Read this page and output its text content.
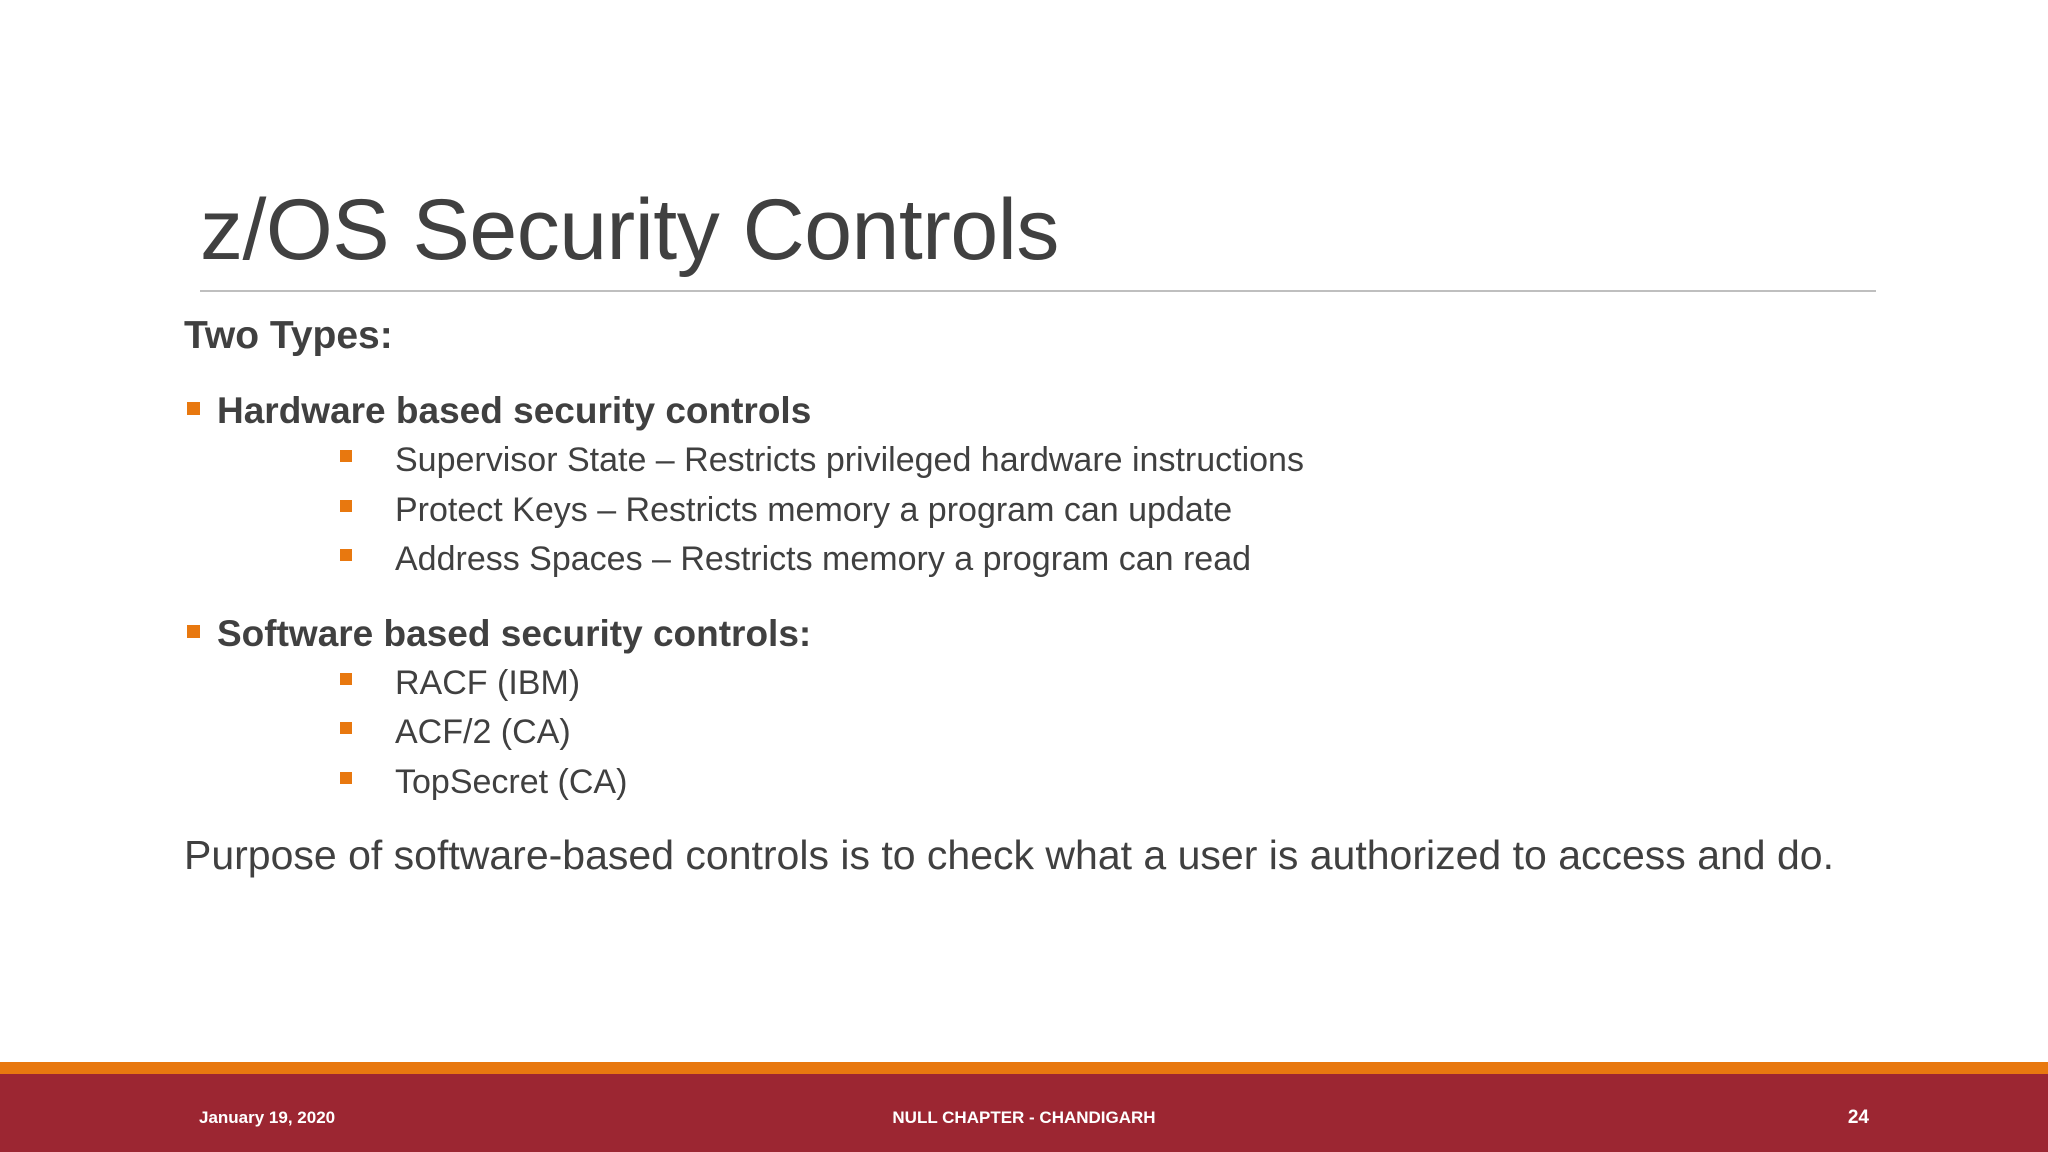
z/OS Security Controls

Two Types:

Hardware based security controls
Supervisor State – Restricts privileged hardware instructions
Protect Keys – Restricts memory a program can update
Address Spaces – Restricts memory a program can read
Software based security controls:
RACF (IBM)
ACF/2 (CA)
TopSecret (CA)

Purpose of software-based controls is to check what a user is authorized to access and do.

January 19, 2020	NULL CHAPTER - CHANDIGARH	24
